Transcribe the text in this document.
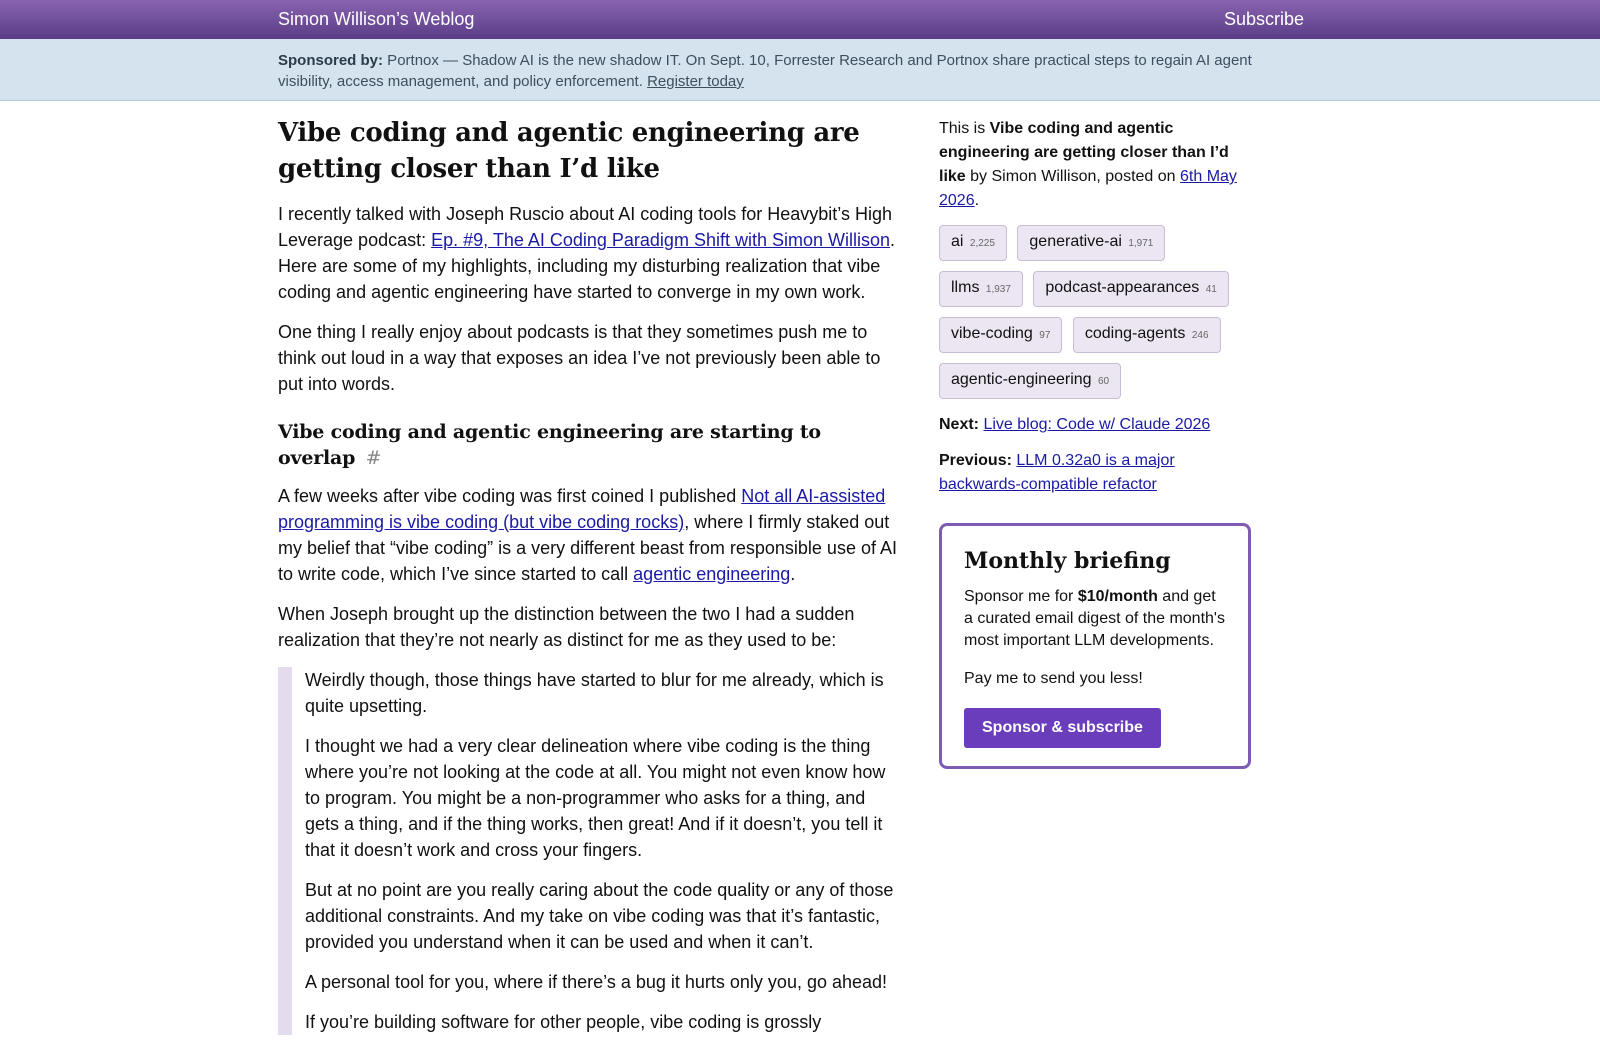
Simon Willison’s Weblog	Subscribe
Sponsored by: Portnox — Shadow AI is the new shadow IT. On Sept. 10, Forrester Research and Portnox share practical steps to regain AI agent visibility, access management, and policy enforcement. Register today
Vibe coding and agentic engineering are getting closer than I’d like

I recently talked with Joseph Ruscio about AI coding tools for Heavybit’s High Leverage podcast: Ep. #9, The AI Coding Paradigm Shift with Simon Willison. Here are some of my highlights, including my disturbing realization that vibe coding and agentic engineering have started to converge in my own work.

One thing I really enjoy about podcasts is that they sometimes push me to think out loud in a way that exposes an idea I’ve not previously been able to put into words.

Vibe coding and agentic engineering are starting to overlap #

A few weeks after vibe coding was first coined I published Not all AI-assisted programming is vibe coding (but vibe coding rocks), where I firmly staked out my belief that “vibe coding” is a very different beast from responsible use of AI to write code, which I’ve since started to call agentic engineering.

When Joseph brought up the distinction between the two I had a sudden realization that they’re not nearly as distinct for me as they used to be:

Weirdly though, those things have started to blur for me already, which is quite upsetting.

I thought we had a very clear delineation where vibe coding is the thing where you’re not looking at the code at all. You might not even know how to program. You might be a non-programmer who asks for a thing, and gets a thing, and if the thing works, then great! And if it doesn’t, you tell it that it doesn’t work and cross your fingers.

But at no point are you really caring about the code quality or any of those additional constraints. And my take on vibe coding was that it’s fantastic, provided you understand when it can be used and when it can’t.

A personal tool for you, where if there’s a bug it hurts only you, go ahead!

If you’re building software for other people, vibe coding is grossly

This is Vibe coding and agentic engineering are getting closer than I’d like by Simon Willison, posted on 6th May 2026.
ai 2,225 generative-ai 1,971 llms 1,937 podcast-appearances 41 vibe-coding 97 coding-agents 246 agentic-engineering 60
Next: Live blog: Code w/ Claude 2026
Previous: LLM 0.32a0 is a major backwards-compatible refactor
Monthly briefing

Sponsor me for $10/month and get a curated email digest of the month's most important LLM developments.

Pay me to send you less!

Sponsor & subscribe
